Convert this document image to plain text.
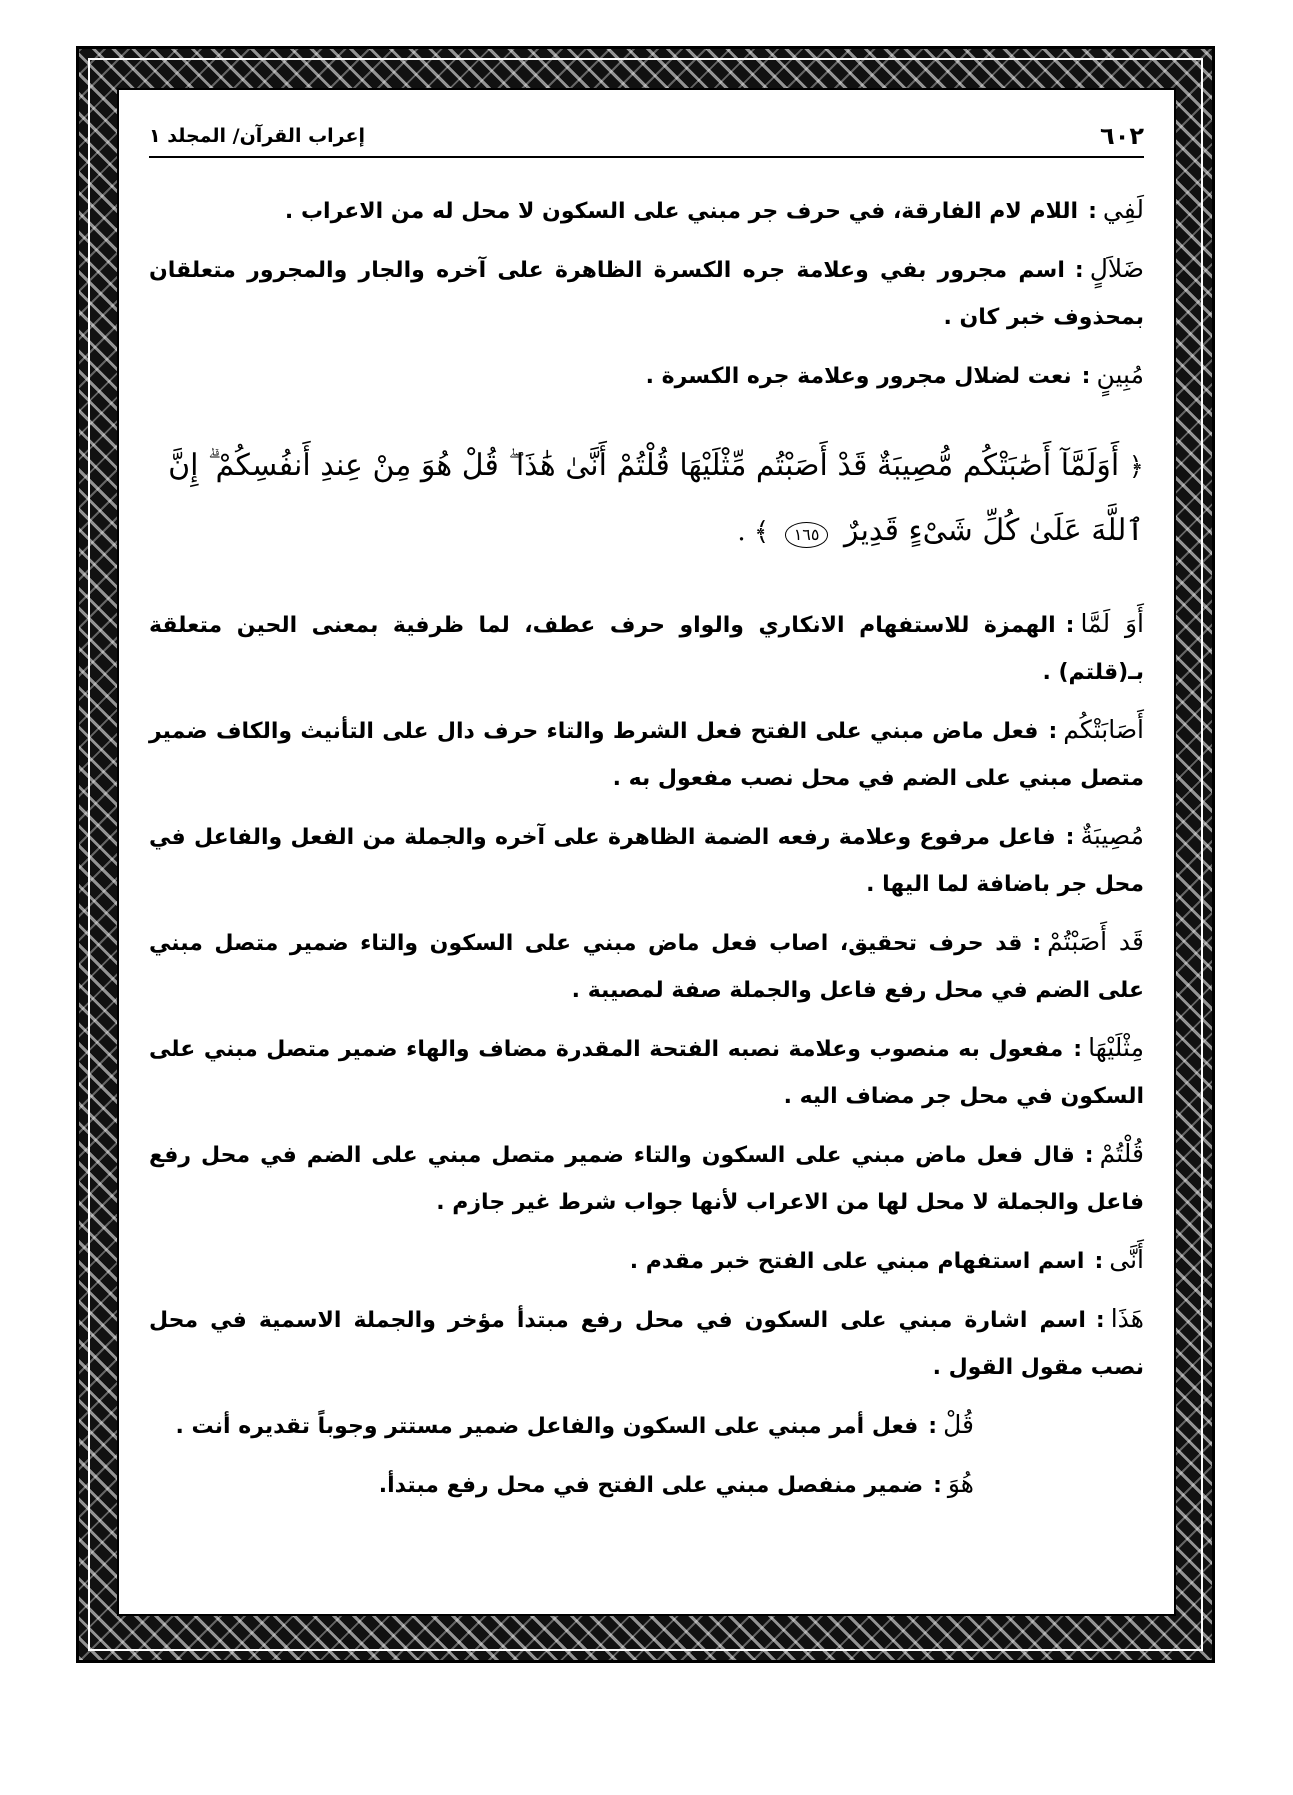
٦٠٢
إعراب القرآن/ المجلد ١

لَفِي:اللام لام الفارقة، في حرف جر مبني على السكون لا محل له من الاعراب .

ضَلاَلٍ:اسم مجرور بفي وعلامة جره الكسرة الظاهرة على آخره والجار والمجرور متعلقان بمحذوف خبر كان .

مُبِينٍ:نعت لضلال مجرور وعلامة جره الكسرة .

﴿ أَوَلَمَّآ أَصَٰبَتْكُم مُّصِيبَةٌ قَدْ أَصَبْتُم مِّثْلَيْهَا قُلْتُمْ أَنَّىٰ هَٰذَا ۖ قُلْ هُوَ مِنْ عِندِ أَنفُسِكُمْ ۗ إِنَّ ٱللَّهَ عَلَىٰ كُلِّ شَىْءٍ قَدِيرٌ ١٦٥ ﴾ .

أَوَ لَمَّا:الهمزة للاستفهام الانكاري والواو حرف عطف، لما ظرفية بمعنى الحين متعلقة بـ(قلتم) .

أَصَابَتْكُم:فعل ماض مبني على الفتح فعل الشرط والتاء حرف دال على التأنيث والكاف ضمير متصل مبني على الضم في محل نصب مفعول به .

مُصِيبَةٌ:فاعل مرفوع وعلامة رفعه الضمة الظاهرة على آخره والجملة من الفعل والفاعل في محل جر باضافة لما اليها .

قَد أَصَبْتُمْ:قد حرف تحقيق، اصاب فعل ماض مبني على السكون والتاء ضمير متصل مبني على الضم في محل رفع فاعل والجملة صفة لمصيبة .

مِثْلَيْهَا:مفعول به منصوب وعلامة نصبه الفتحة المقدرة مضاف والهاء ضمير متصل مبني على السكون في محل جر مضاف اليه .

قُلْتُمْ:قال فعل ماض مبني على السكون والتاء ضمير متصل مبني على الضم في محل رفع فاعل والجملة لا محل لها من الاعراب لأنها جواب شرط غير جازم .

أَنَّى:اسم استفهام مبني على الفتح خبر مقدم .

هَذَا:اسم اشارة مبني على السكون في محل رفع مبتدأ مؤخر والجملة الاسمية في محل نصب مقول القول .

قُلْ:فعل أمر مبني على السكون والفاعل ضمير مستتر وجوباً تقديره أنت .

هُوَ:ضمير منفصل مبني على الفتح في محل رفع مبتدأ.
